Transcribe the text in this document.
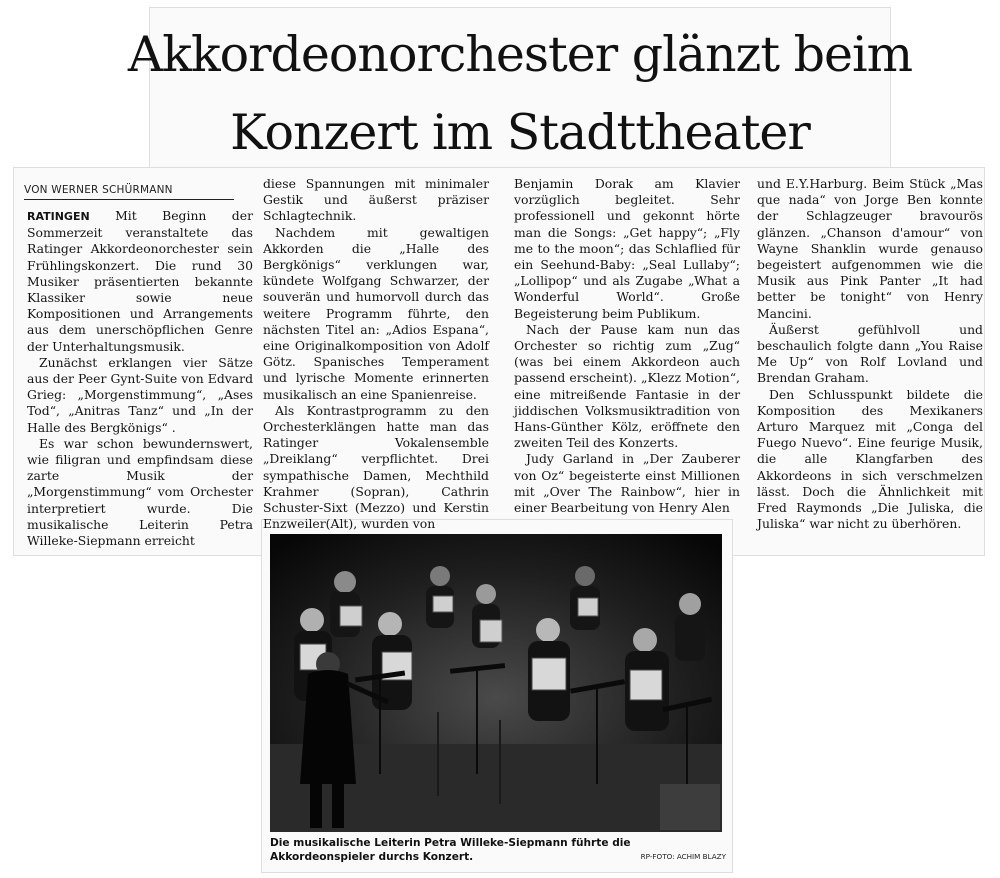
Akkordeonorchester glänzt beim
Konzert im Stadttheater
VON WERNER SCHÜRMANN

RATINGEN Mit Beginn der Sommerzeit veranstaltete das Ratinger Akkordeonorchester sein Frühlingskonzert. Die rund 30 Musiker präsentierten bekannte Klassiker sowie neue Kompositionen und Arrangements aus dem unerschöpflichen Genre der Unterhaltungsmusik.

Zunächst erklangen vier Sätze aus der Peer Gynt-Suite von Edvard Grieg: „Morgenstimmung“, „Ases Tod“, „Anitras Tanz“ und „In der Halle des Bergkönigs“ .

Es war schon bewundernswert, wie filigran und empfindsam diese zarte Musik der „Morgenstimmung“ vom Orchester interpretiert wurde. Die musikalische Leiterin Petra Willeke-Siepmann erreicht

diese Spannungen mit minimaler Gestik und äußerst präziser Schlagtechnik.

Nachdem mit gewaltigen Akkorden die „Halle des Bergkönigs“ verklungen war, kündete Wolfgang Schwarzer, der souverän und humorvoll durch das weitere Programm führte, den nächsten Titel an: „Adios Espana“, eine Originalkomposition von Adolf Götz. Spanisches Temperament und lyrische Momente erinnerten musikalisch an eine Spanienreise.

Als Kontrastprogramm zu den Orchesterklängen hatte man das Ratinger Vokalensemble „Dreiklang“ verpflichtet. Drei sympathische Damen, Mechthild Krahmer (Sopran), Cathrin Schuster-Sixt (Mezzo) und Kerstin Enzweiler(Alt), wurden von

Benjamin Dorak am Klavier vorzüglich begleitet. Sehr professionell und gekonnt hörte man die Songs: „Get happy“; „Fly me to the moon“; das Schlaflied für ein Seehund-Baby: „Seal Lullaby“; „Lollipop“ und als Zugabe „What a Wonderful World“. Große Begeisterung beim Publikum.

Nach der Pause kam nun das Orchester so richtig zum „Zug“ (was bei einem Akkordeon auch passend erscheint). „Klezz Motion“, eine mitreißende Fantasie in der jiddischen Volksmusiktradition von Hans-Günther Kölz, eröffnete den zweiten Teil des Konzerts.

Judy Garland in „Der Zauberer von Oz“ begeisterte einst Millionen mit „Over The Rainbow“, hier in einer Bearbeitung von Henry Alen

und E.Y.Harburg. Beim Stück „Mas que nada“ von Jorge Ben konnte der Schlagzeuger bravourös glänzen. „Chanson d'amour“ von Wayne Shanklin wurde genauso begeistert aufgenommen wie die Musik aus Pink Panter „It had better be tonight“ von Henry Mancini.

Äußerst gefühlvoll und beschaulich folgte dann „You Raise Me Up“ von Rolf Lovland und Brendan Graham.

Den Schlusspunkt bildete die Komposition des Mexikaners Arturo Marquez mit „Conga del Fuego Nuevo“. Eine feurige Musik, die alle Klangfarben des Akkordeons in sich verschmelzen lässt. Doch die Ähnlichkeit mit Fred Raymonds „Die Juliska, die Juliska“ war nicht zu überhören.

Die musikalische Leiterin Petra Willeke-Siepmann führte die Akkordeonspieler durchs Konzert.	RP-FOTO: ACHIM BLAZY
